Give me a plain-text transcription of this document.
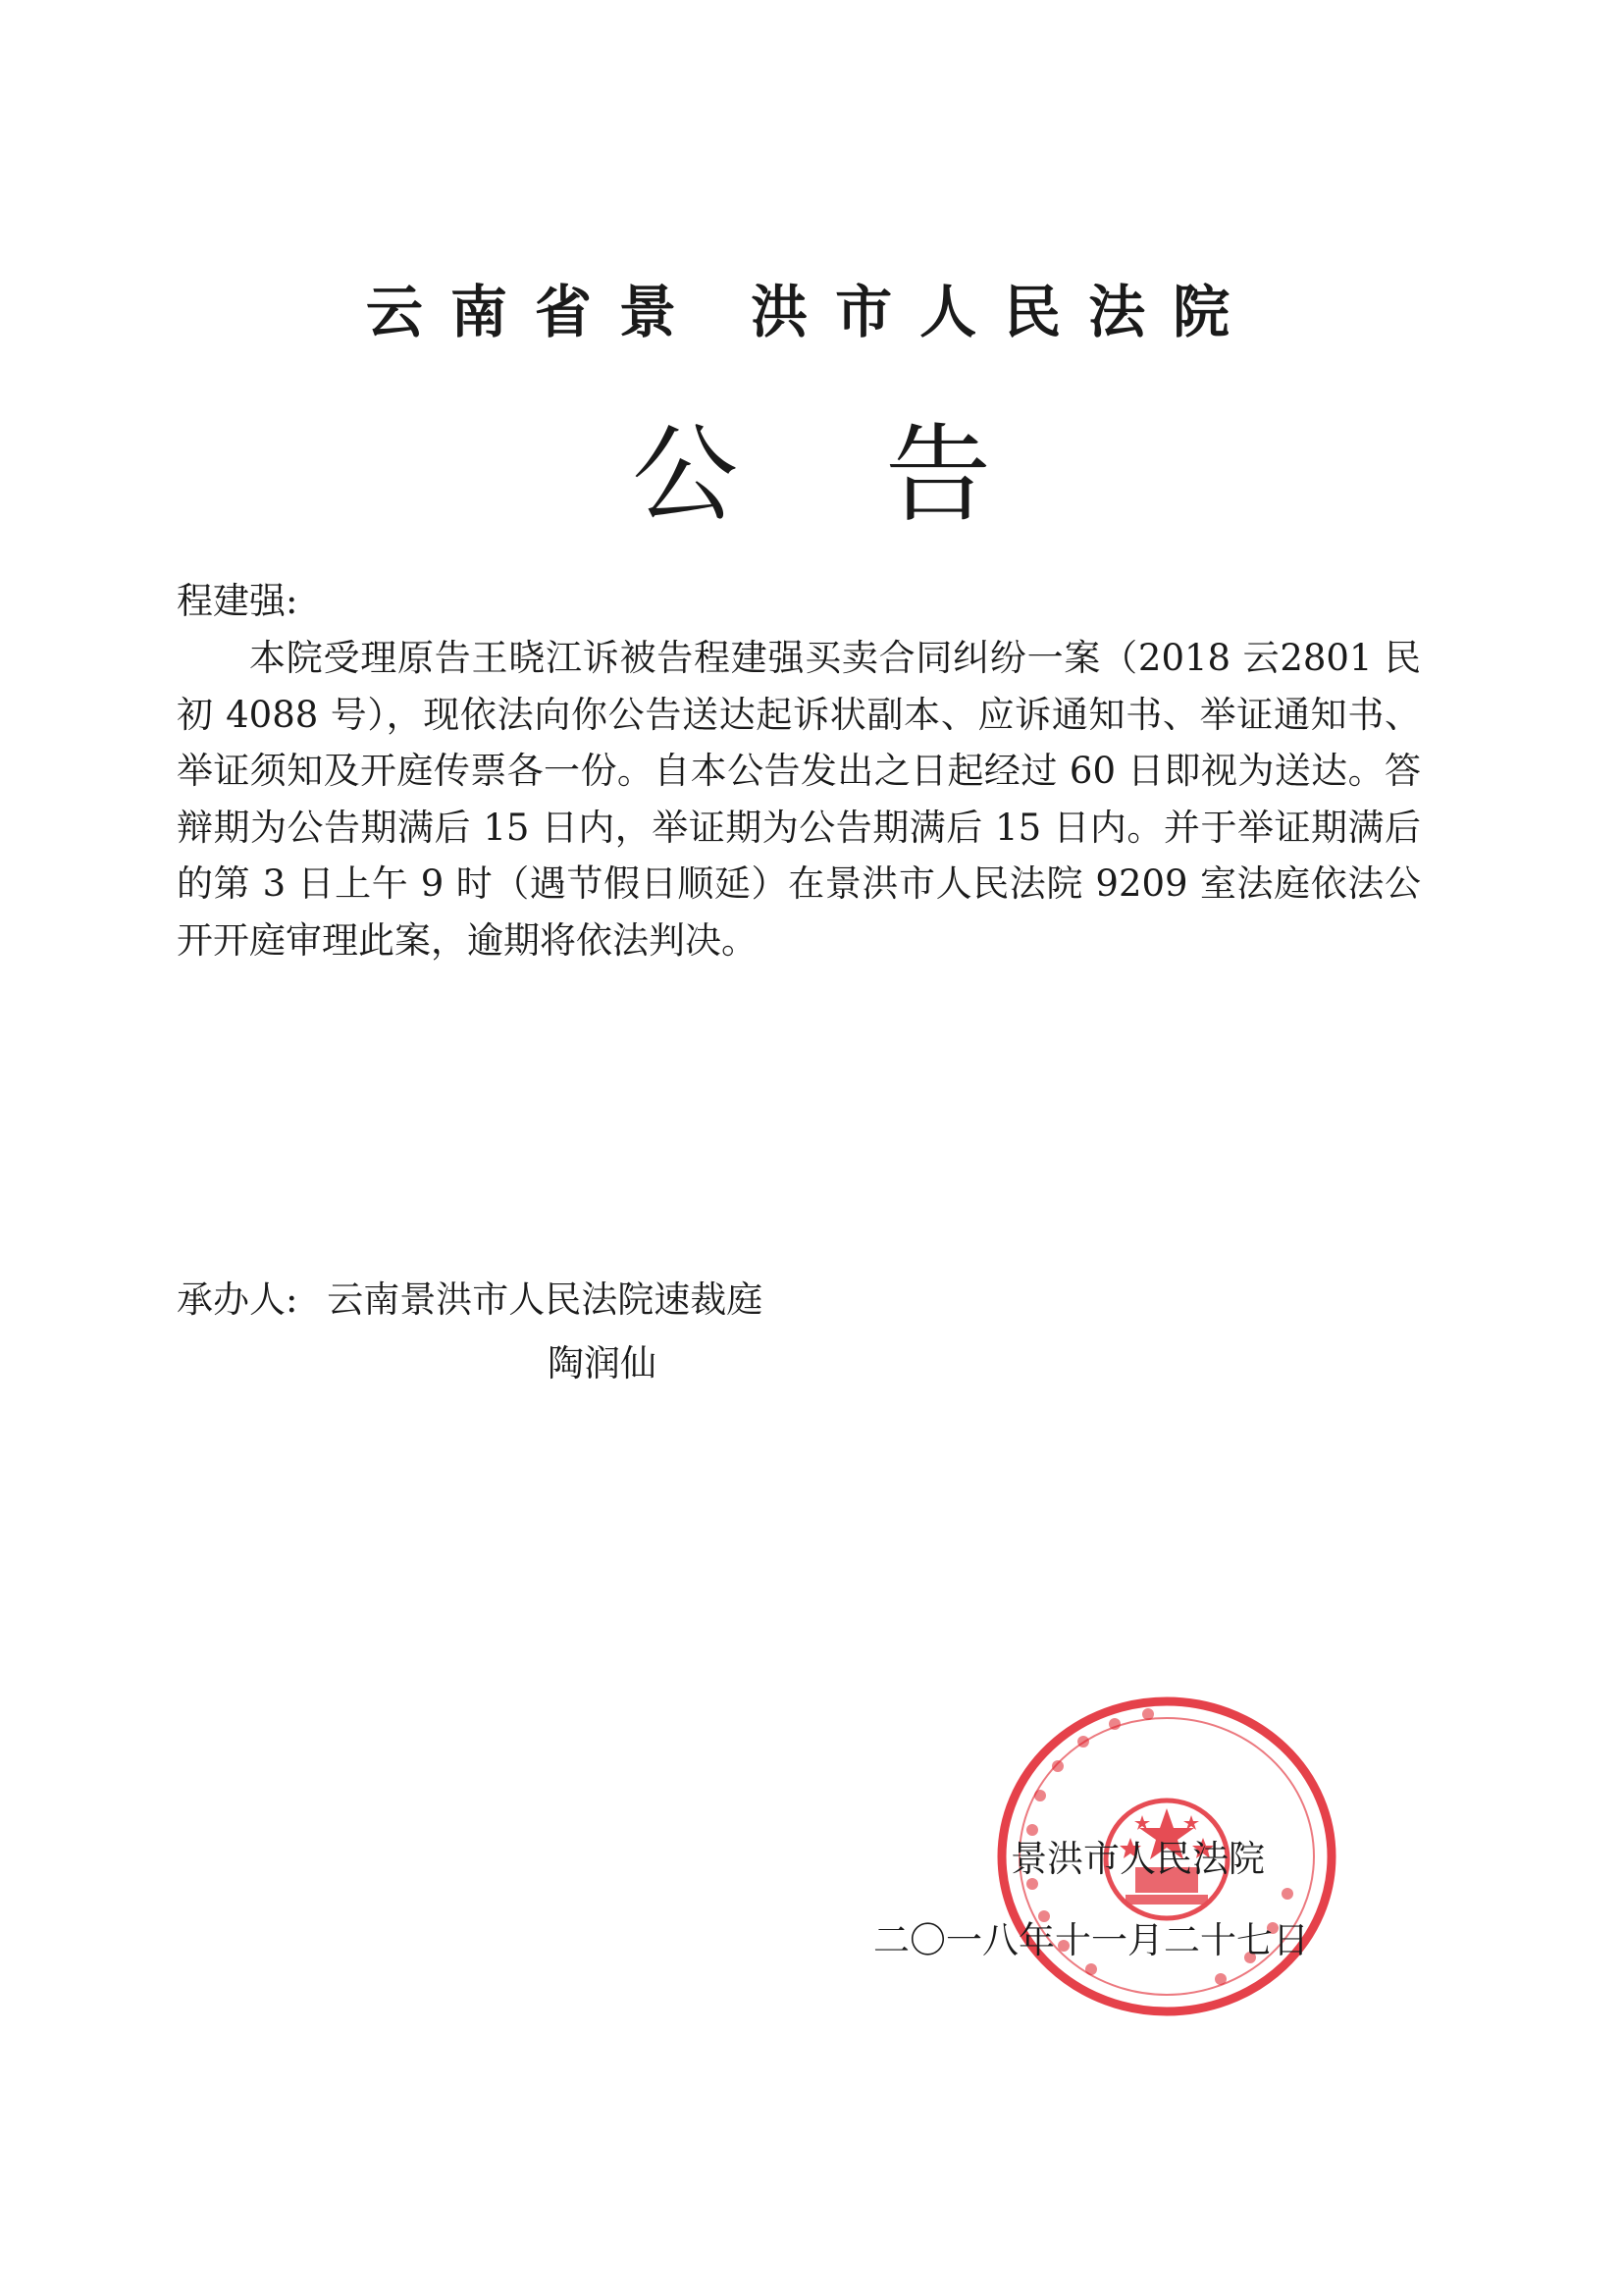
云南省景 洪市人民法院
公告
程建强:
本院受理原告王晓江诉被告程建强买卖合同纠纷一案（2018 云2801 民初 4088 号），现依法向你公告送达起诉状副本、应诉通知书、举证通知书、举证须知及开庭传票各一份。自本公告发出之日起经过 60 日即视为送达。答辩期为公告期满后 15 日内，举证期为公告期满后 15 日内。并于举证期满后的第 3 日上午 9 时（遇节假日顺延）在景洪市人民法院 9209 室法庭依法公开开庭审理此案，逾期将依法判决。
承办人: 云南景洪市人民法院速裁庭
陶润仙
景洪市人民法院
二〇一八年十一月二十七日
